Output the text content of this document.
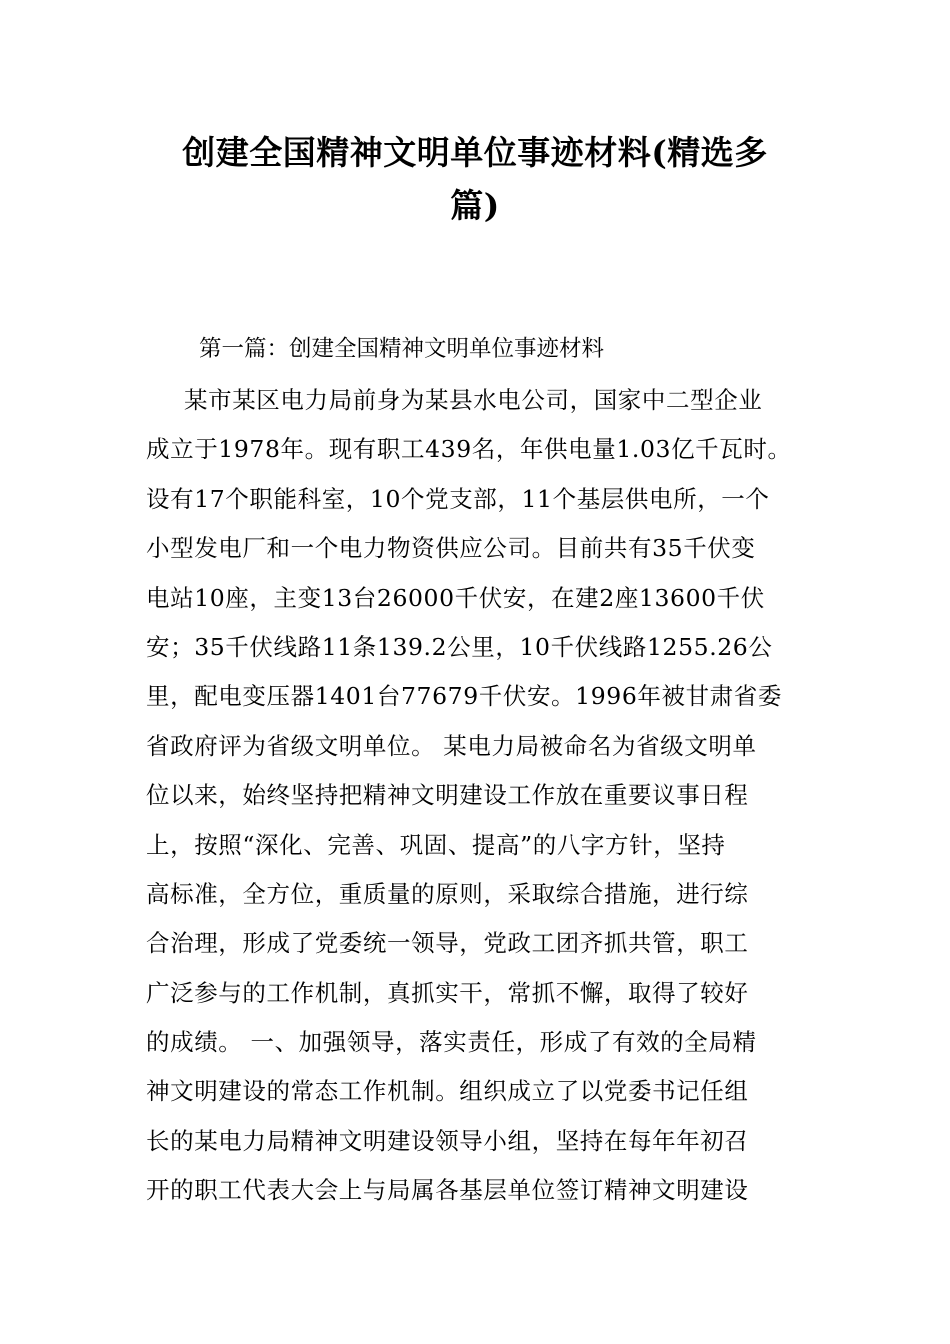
创建全国精神文明单位事迹材料(精选多
篇)

第一篇：创建全国精神文明单位事迹材料

某市某区电力局前身为某县水电公司，国家中二型企业
成立于1978年。现有职工439名，年供电量1.03亿千瓦时。
设有17个职能科室，10个党支部，11个基层供电所，一个
小型发电厂和一个电力物资供应公司。目前共有35千伏变
电站10座，主变13台26000千伏安，在建2座13600千伏
安；35千伏线路11条139.2公里，10千伏线路1255.26公
里，配电变压器1401台77679千伏安。1996年被甘肃省委
省政府评为省级文明单位。 某电力局被命名为省级文明单
位以来，始终坚持把精神文明建设工作放在重要议事日程
上，按照“深化、完善、巩固、提高”的八字方针，坚持
高标准，全方位，重质量的原则，采取综合措施，进行综
合治理，形成了党委统一领导，党政工团齐抓共管，职工
广泛参与的工作机制，真抓实干，常抓不懈，取得了较好
的成绩。 一、加强领导，落实责任，形成了有效的全局精
神文明建设的常态工作机制。组织成立了以党委书记任组
长的某电力局精神文明建设领导小组，坚持在每年年初召
开的职工代表大会上与局属各基层单位签订精神文明建设
